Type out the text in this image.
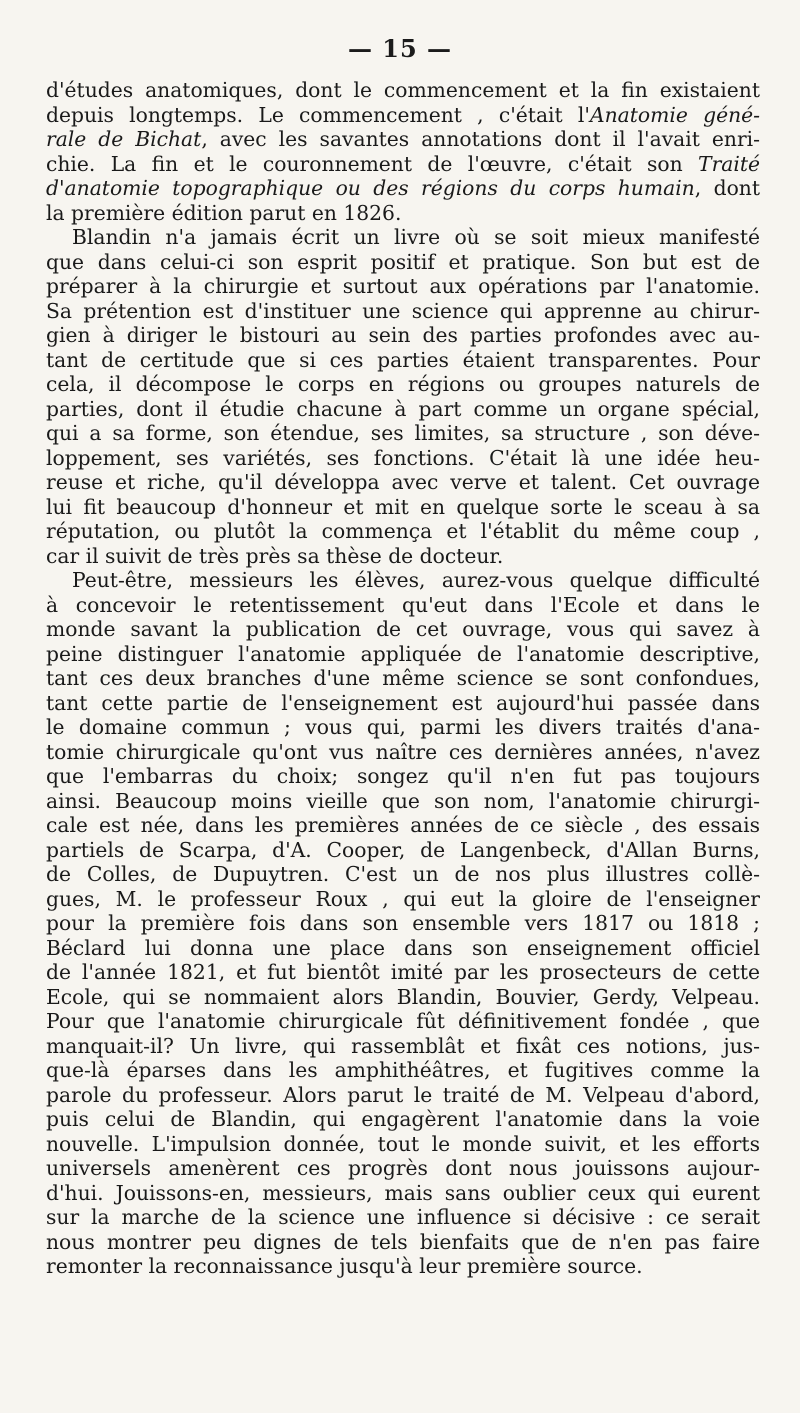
— 15 —
d'études anatomiques, dont le commencement et la fin existaient
depuis longtemps. Le commencement , c'était l'Anatomie géné-
rale de Bichat, avec les savantes annotations dont il l'avait enri-
chie. La fin et le couronnement de l'œuvre, c'était son Traité
d'anatomie topographique ou des régions du corps humain, dont
la première édition parut en 1826.
Blandin n'a jamais écrit un livre où se soit mieux manifesté
que dans celui-ci son esprit positif et pratique. Son but est de
préparer à la chirurgie et surtout aux opérations par l'anatomie.
Sa prétention est d'instituer une science qui apprenne au chirur-
gien à diriger le bistouri au sein des parties profondes avec au-
tant de certitude que si ces parties étaient transparentes. Pour
cela, il décompose le corps en régions ou groupes naturels de
parties, dont il étudie chacune à part comme un organe spécial,
qui a sa forme, son étendue, ses limites, sa structure , son déve-
loppement, ses variétés, ses fonctions. C'était là une idée heu-
reuse et riche, qu'il développa avec verve et talent. Cet ouvrage
lui fit beaucoup d'honneur et mit en quelque sorte le sceau à sa
réputation, ou plutôt la commença et l'établit du même coup ,
car il suivit de très près sa thèse de docteur.
Peut-être, messieurs les élèves, aurez-vous quelque difficulté
à concevoir le retentissement qu'eut dans l'Ecole et dans le
monde savant la publication de cet ouvrage, vous qui savez à
peine distinguer l'anatomie appliquée de l'anatomie descriptive,
tant ces deux branches d'une même science se sont confondues,
tant cette partie de l'enseignement est aujourd'hui passée dans
le domaine commun ; vous qui, parmi les divers traités d'ana-
tomie chirurgicale qu'ont vus naître ces dernières années, n'avez
que l'embarras du choix; songez qu'il n'en fut pas toujours
ainsi. Beaucoup moins vieille que son nom, l'anatomie chirurgi-
cale est née, dans les premières années de ce siècle , des essais
partiels de Scarpa, d'A. Cooper, de Langenbeck, d'Allan Burns,
de Colles, de Dupuytren. C'est un de nos plus illustres collè-
gues, M. le professeur Roux , qui eut la gloire de l'enseigner
pour la première fois dans son ensemble vers 1817 ou 1818 ;
Béclard lui donna une place dans son enseignement officiel
de l'année 1821, et fut bientôt imité par les prosecteurs de cette
Ecole, qui se nommaient alors Blandin, Bouvier, Gerdy, Velpeau.
Pour que l'anatomie chirurgicale fût définitivement fondée , que
manquait-il? Un livre, qui rassemblât et fixât ces notions, jus-
que-là éparses dans les amphithéâtres, et fugitives comme la
parole du professeur. Alors parut le traité de M. Velpeau d'abord,
puis celui de Blandin, qui engagèrent l'anatomie dans la voie
nouvelle. L'impulsion donnée, tout le monde suivit, et les efforts
universels amenèrent ces progrès dont nous jouissons aujour-
d'hui. Jouissons-en, messieurs, mais sans oublier ceux qui eurent
sur la marche de la science une influence si décisive : ce serait
nous montrer peu dignes de tels bienfaits que de n'en pas faire
remonter la reconnaissance jusqu'à leur première source.
